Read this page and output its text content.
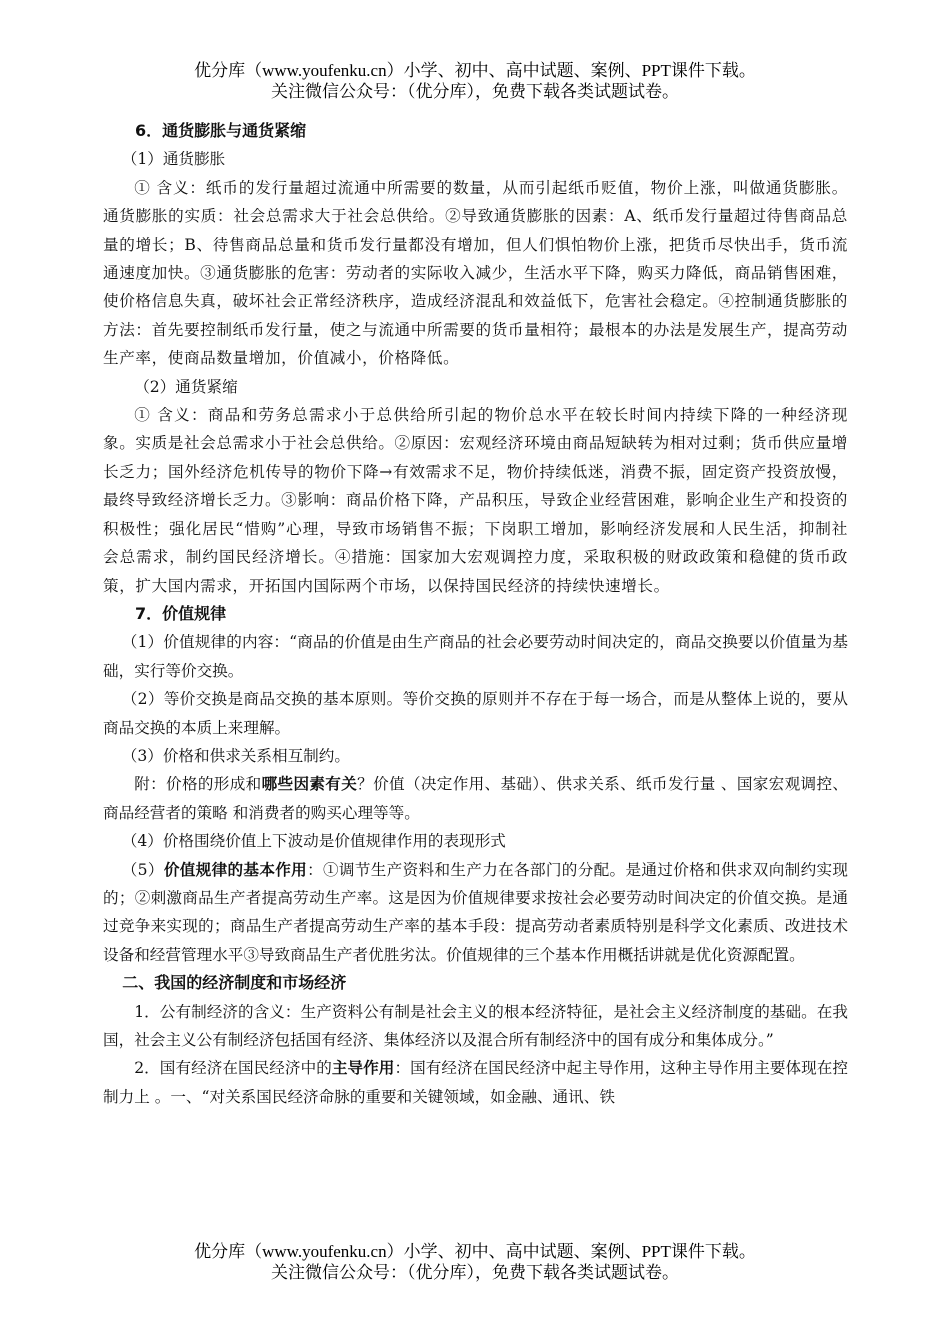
优分库（www.youfenku.cn）小学、初中、高中试题、案例、PPT课件下载。
关注微信公众号：（优分库），免费下载各类试题试卷。

6．通货膨胀与通货紧缩

（1）通货膨胀

① 含义：纸币的发行量超过流通中所需要的数量，从而引起纸币贬值，物价上涨，叫做通货膨胀。通货膨胀的实质：社会总需求大于社会总供给。②导致通货膨胀的因素：A、纸币发行量超过待售商品总量的增长；B、待售商品总量和货币发行量都没有增加，但人们惧怕物价上涨，把货币尽快出手，货币流通速度加快。③通货膨胀的危害：劳动者的实际收入减少，生活水平下降，购买力降低，商品销售困难，使价格信息失真，破坏社会正常经济秩序，造成经济混乱和效益低下，危害社会稳定。④控制通货膨胀的方法：首先要控制纸币发行量，使之与流通中所需要的货币量相符；最根本的办法是发展生产，提高劳动生产率，使商品数量增加，价值减小，价格降低。

（2）通货紧缩

① 含义：商品和劳务总需求小于总供给所引起的物价总水平在较长时间内持续下降的一种经济现象。实质是社会总需求小于社会总供给。②原因：宏观经济环境由商品短缺转为相对过剩；货币供应量增长乏力；国外经济危机传导的物价下降→有效需求不足，物价持续低迷，消费不振，固定资产投资放慢，最终导致经济增长乏力。③影响：商品价格下降，产品积压，导致企业经营困难，影响企业生产和投资的积极性；强化居民“惜购”心理，导致市场销售不振；下岗职工增加，影响经济发展和人民生活，抑制社会总需求，制约国民经济增长。④措施：国家加大宏观调控力度，采取积极的财政政策和稳健的货币政策，扩大国内需求，开拓国内国际两个市场，以保持国民经济的持续快速增长。

7．价值规律

（1）价值规律的内容：“商品的价值是由生产商品的社会必要劳动时间决定的，商品交换要以价值量为基础，实行等价交换。

（2）等价交换是商品交换的基本原则。等价交换的原则并不存在于每一场合，而是从整体上说的，要从商品交换的本质上来理解。

（3）价格和供求关系相互制约。

附：价格的形成和哪些因素有关？价值（决定作用、基础）、供求关系、纸币发行量 、国家宏观调控、商品经营者的策略 和消费者的购买心理等等。

（4）价格围绕价值上下波动是价值规律作用的表现形式

（5）价值规律的基本作用：①调节生产资料和生产力在各部门的分配。是通过价格和供求双向制约实现的；②刺激商品生产者提高劳动生产率。这是因为价值规律要求按社会必要劳动时间决定的价值交换。是通过竞争来实现的；商品生产者提高劳动生产率的基本手段：提高劳动者素质特别是科学文化素质、改进技术设备和经营管理水平③导致商品生产者优胜劣汰。价值规律的三个基本作用概括讲就是优化资源配置。

二、我国的经济制度和市场经济

1．公有制经济的含义：生产资料公有制是社会主义的根本经济特征，是社会主义经济制度的基础。在我国，社会主义公有制经济包括国有经济、集体经济以及混合所有制经济中的国有成分和集体成分。”

2．国有经济在国民经济中的主导作用：国有经济在国民经济中起主导作用，这种主导作用主要体现在控制力上 。一、“对关系国民经济命脉的重要和关键领域，如金融、通讯、铁

优分库（www.youfenku.cn）小学、初中、高中试题、案例、PPT课件下载。
关注微信公众号：（优分库），免费下载各类试题试卷。
